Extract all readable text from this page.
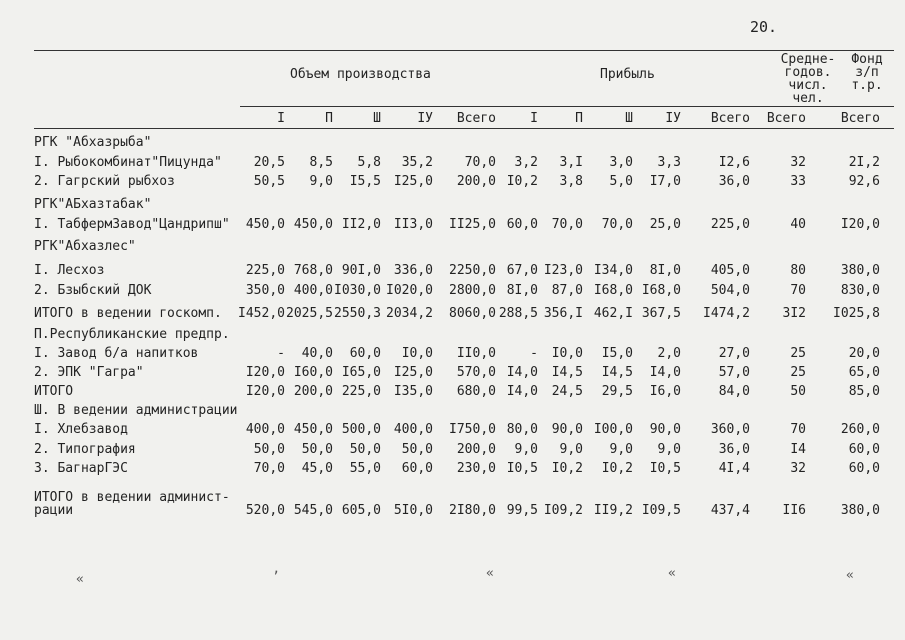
20.
Объем производства	Прибыль
Средне-
годов.
числ.
чел.
Фонд
з/п
т.р.
I	П	Ш	IУ	Всего	I	П	Ш	IУ	Всего	Всего	Всего
РГК "Абхазрыба"
I. Рыбокомбинат"Пицунда"	20,5	8,5	5,8	35,2	70,0	3,2	3,I	3,0	3,3	I2,6	32	2I,2
2. Гагрский рыбхоз	50,5	9,0	I5,5 I25,0	200,0 I0,2	3,8	5,0	I7,0	36,0	33	92,6
РГК"АБхазтабак"
I. Табферм3авод"Цандрипш"	450,0 450,0 II2,0 II3,0	II25,0 60,0	70,0	70,0	25,0	225,0	40	I20,0
РГК"Абхазлес"
I. Лесхоз	225,0 768,0 90I,0 336,0	2250,0 67,0 I23,0 I34,0	8I,0	405,0	80	380,0
2. Бзыбский ДОК	350,0 400,0 I030,0 I020,0	2800,0 8I,0	87,0 I68,0 I68,0	504,0	70	830,0
ИТОГО в ведении госкомп.	I452,0 2025,5 2550,3 2034,2	8060,0 288,5 356,I 462,I 367,5	I474,2	3I2	I025,8
П.Республиканские предпр.
I. Завод б/а напитков	-	40,0	60,0	I0,0	II0,0	-	I0,0	I5,0	2,0	27,0	25	20,0
2. ЭПК "Гагра"	I20,0 I60,0 I65,0 I25,0	570,0 I4,0	I4,5	I4,5	I4,0	57,0	25	65,0
ИТОГО	I20,0 200,0 225,0 I35,0	680,0 I4,0	24,5	29,5	I6,0	84,0	50	85,0
Ш. В ведении администрации
I. Хлебзавод	400,0 450,0 500,0 400,0	I750,0 80,0	90,0 I00,0	90,0	360,0	70	260,0
2. Типография	50,0	50,0	50,0	50,0	200,0	9,0	9,0	9,0	9,0	36,0	I4	60,0
3. БагнарГЭС	70,0	45,0	55,0	60,0	230,0 I0,5	I0,2	I0,2	I0,5	4I,4	32	60,0
ИТОГО в ведении админист-
рации	520,0 545,0 605,0 5I0,0	2I80,0 99,5 I09,2 II9,2 I09,5	437,4	II6	380,0
«	ʼ	«	«	«
